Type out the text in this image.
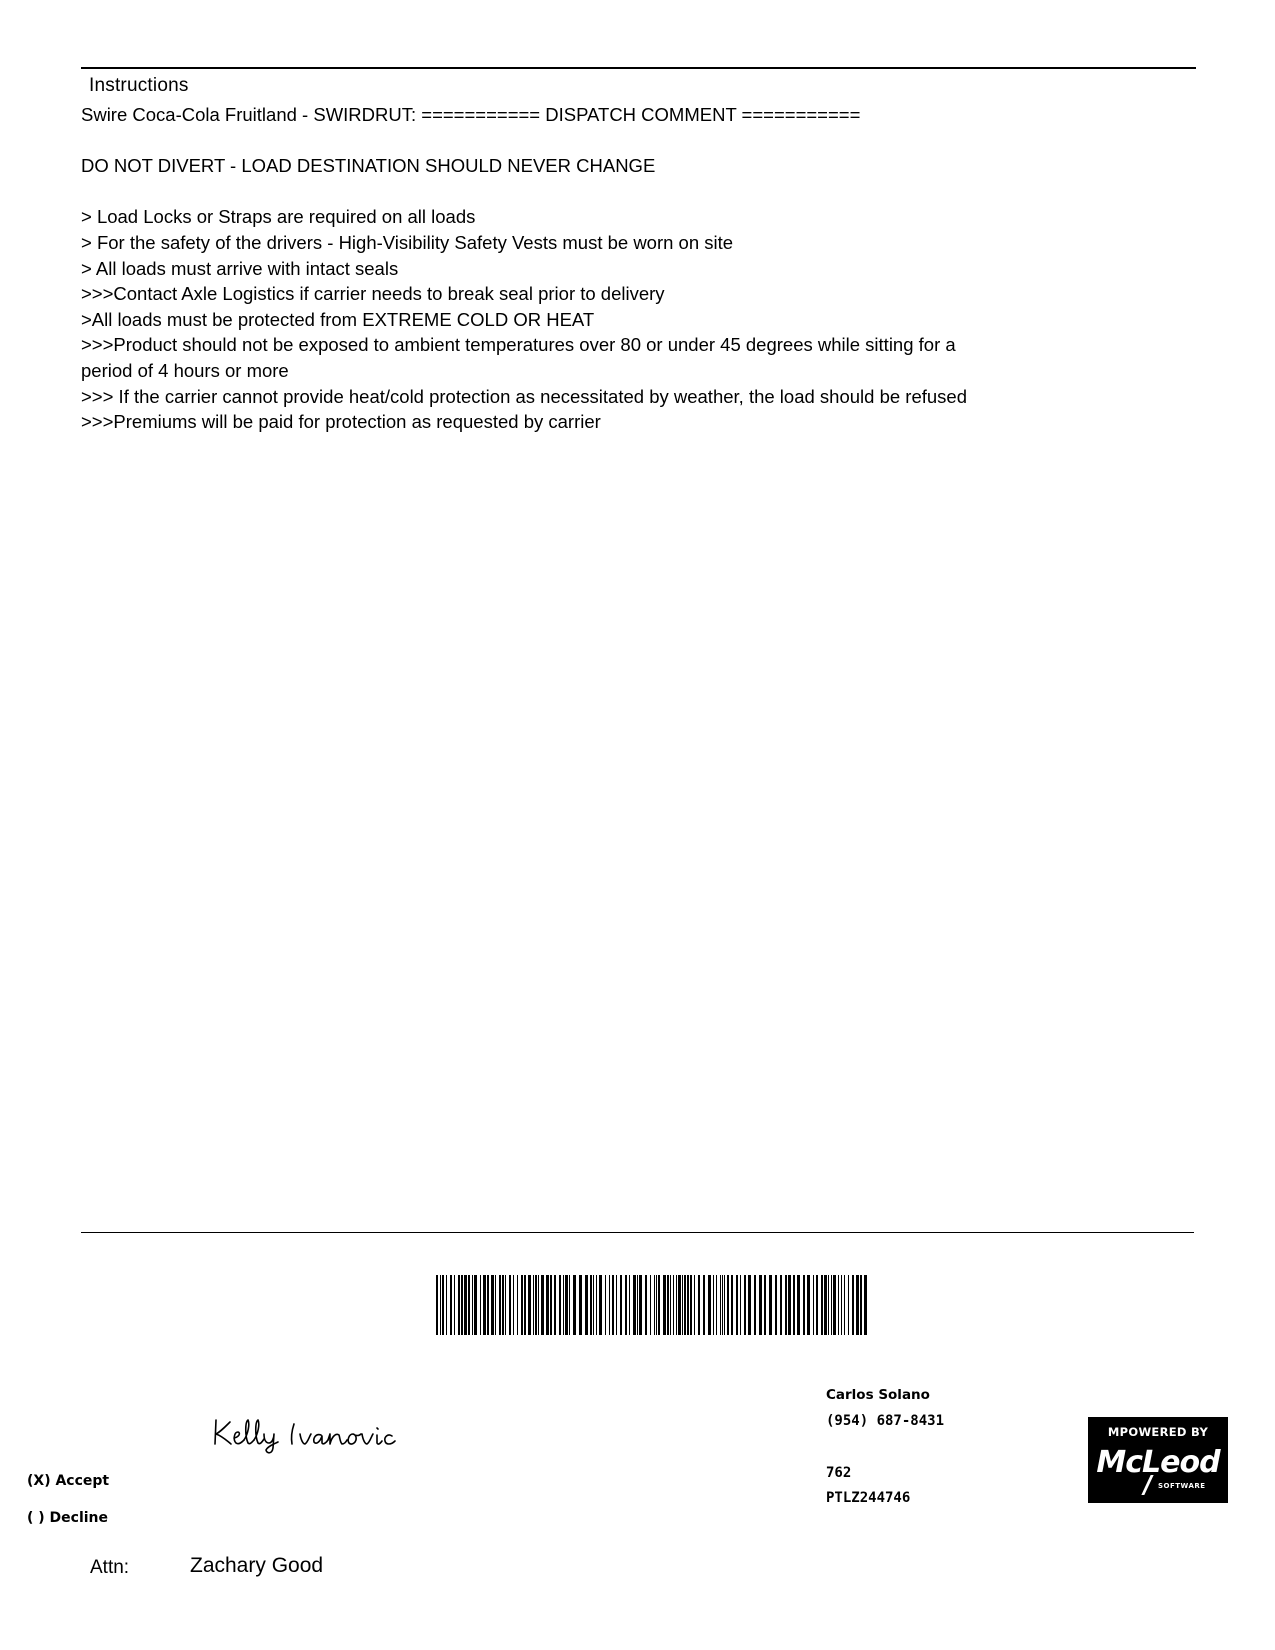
Instructions
Swire Coca-Cola Fruitland - SWIRDRUT: =========== DISPATCH COMMENT ===========
DO NOT DIVERT - LOAD DESTINATION SHOULD NEVER CHANGE
> Load Locks or Straps are required on all loads
> For the safety of the drivers - High-Visibility Safety Vests must be worn on site
> All loads must arrive with intact seals
>>>Contact Axle Logistics if carrier needs to break seal prior to delivery
>All loads must be protected from EXTREME COLD OR HEAT
>>>Product should not be exposed to ambient temperatures over 80 or under 45 degrees while sitting for a
period of 4 hours or more
>>> If the carrier cannot provide heat/cold protection as necessitated by weather, the load should be refused
>>>Premiums will be paid for protection as requested by carrier
(X) Accept
( ) Decline
Attn:	Zachary Good
Carlos Solano
(954) 687-8431
762
PTLZ244746
MPOWERED BY
McLeod
SOFTWARE
